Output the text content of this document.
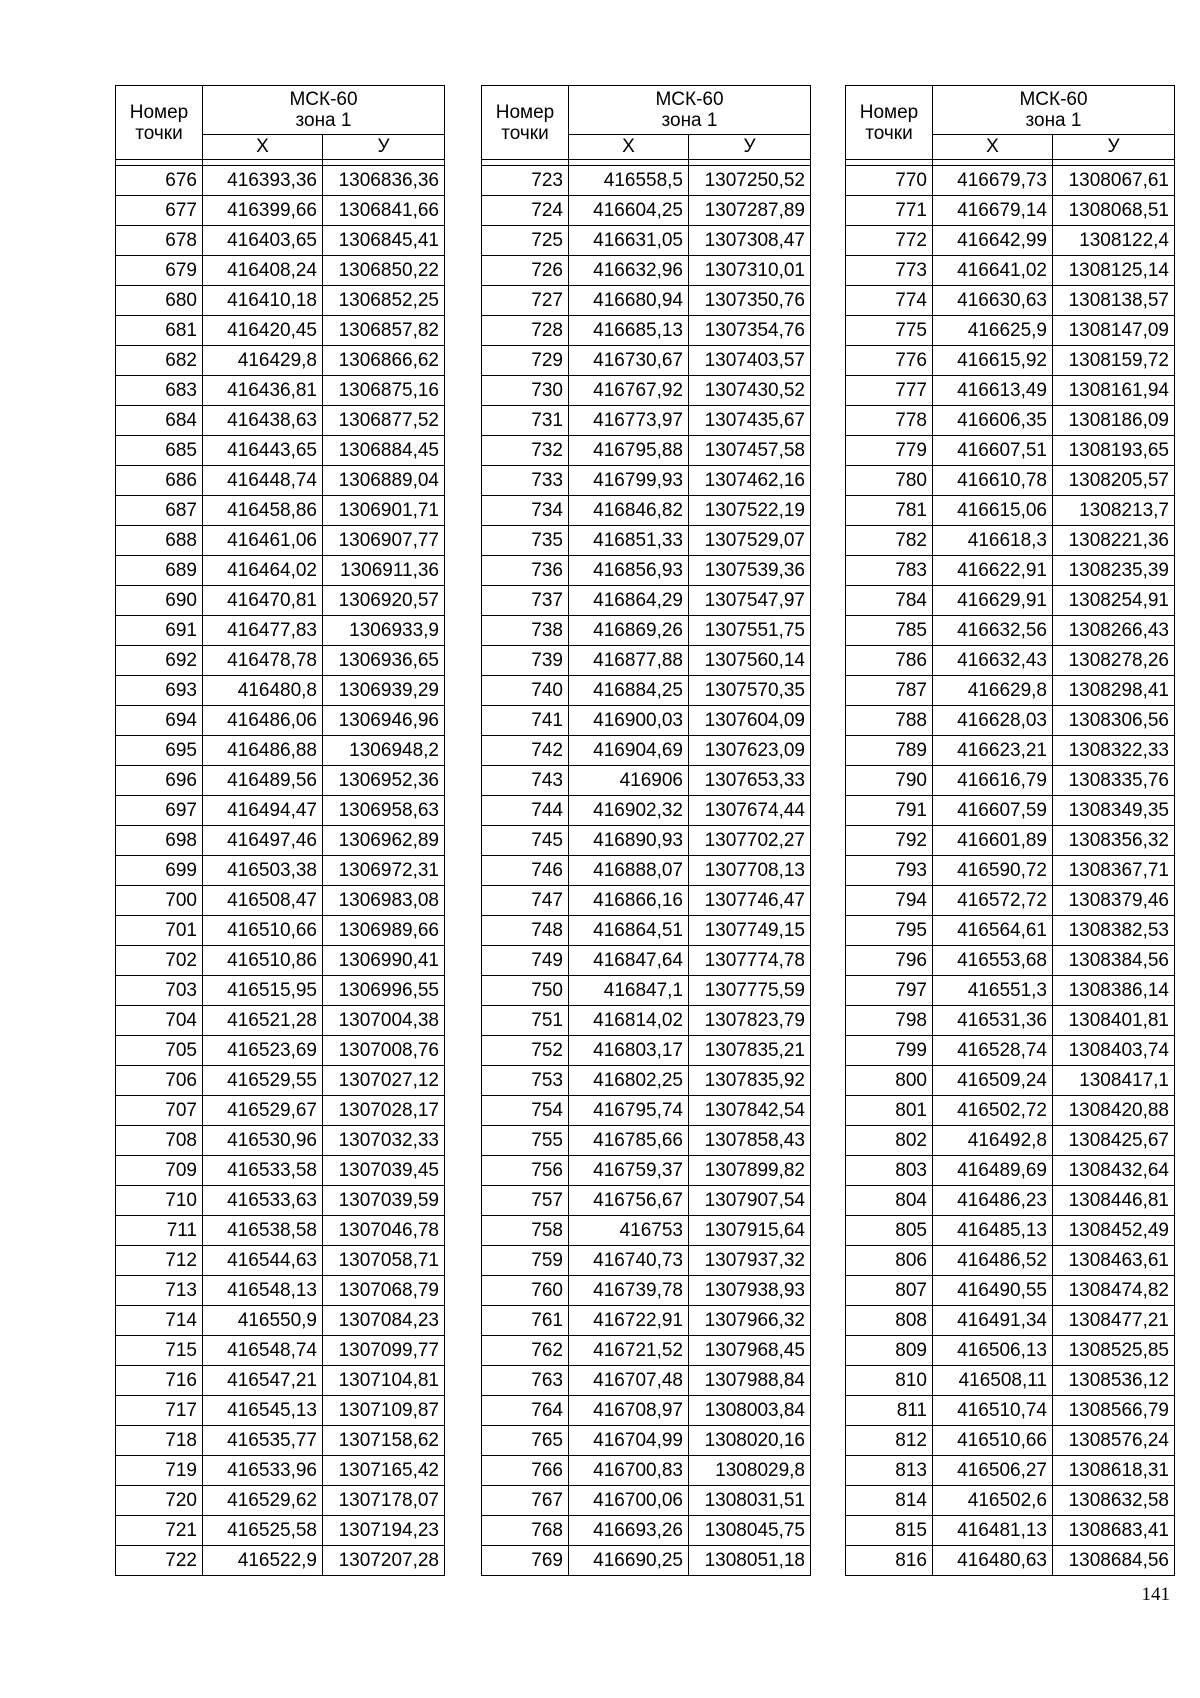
Номер точки	МСК-60
зона 1	
	Х	У

676	416393,36	1306836,36
677	416399,66	1306841,66
678	416403,65	1306845,41
679	416408,24	1306850,22
680	416410,18	1306852,25
681	416420,45	1306857,82
682	416429,8	1306866,62
683	416436,81	1306875,16
684	416438,63	1306877,52
685	416443,65	1306884,45
686	416448,74	1306889,04
687	416458,86	1306901,71
688	416461,06	1306907,77
689	416464,02	1306911,36
690	416470,81	1306920,57
691	416477,83	1306933,9
692	416478,78	1306936,65
693	416480,8	1306939,29
694	416486,06	1306946,96
695	416486,88	1306948,2
696	416489,56	1306952,36
697	416494,47	1306958,63
698	416497,46	1306962,89
699	416503,38	1306972,31
700	416508,47	1306983,08
701	416510,66	1306989,66
702	416510,86	1306990,41
703	416515,95	1306996,55
704	416521,28	1307004,38
705	416523,69	1307008,76
706	416529,55	1307027,12
707	416529,67	1307028,17
708	416530,96	1307032,33
709	416533,58	1307039,45
710	416533,63	1307039,59
711	416538,58	1307046,78
712	416544,63	1307058,71
713	416548,13	1307068,79
714	416550,9	1307084,23
715	416548,74	1307099,77
716	416547,21	1307104,81
717	416545,13	1307109,87
718	416535,77	1307158,62
719	416533,96	1307165,42
720	416529,62	1307178,07
721	416525,58	1307194,23
722	416522,9	1307207,28
Номер точки	МСК-60
зона 1	
	Х	У

723	416558,5	1307250,52
724	416604,25	1307287,89
725	416631,05	1307308,47
726	416632,96	1307310,01
727	416680,94	1307350,76
728	416685,13	1307354,76
729	416730,67	1307403,57
730	416767,92	1307430,52
731	416773,97	1307435,67
732	416795,88	1307457,58
733	416799,93	1307462,16
734	416846,82	1307522,19
735	416851,33	1307529,07
736	416856,93	1307539,36
737	416864,29	1307547,97
738	416869,26	1307551,75
739	416877,88	1307560,14
740	416884,25	1307570,35
741	416900,03	1307604,09
742	416904,69	1307623,09
743	416906	1307653,33
744	416902,32	1307674,44
745	416890,93	1307702,27
746	416888,07	1307708,13
747	416866,16	1307746,47
748	416864,51	1307749,15
749	416847,64	1307774,78
750	416847,1	1307775,59
751	416814,02	1307823,79
752	416803,17	1307835,21
753	416802,25	1307835,92
754	416795,74	1307842,54
755	416785,66	1307858,43
756	416759,37	1307899,82
757	416756,67	1307907,54
758	416753	1307915,64
759	416740,73	1307937,32
760	416739,78	1307938,93
761	416722,91	1307966,32
762	416721,52	1307968,45
763	416707,48	1307988,84
764	416708,97	1308003,84
765	416704,99	1308020,16
766	416700,83	1308029,8
767	416700,06	1308031,51
768	416693,26	1308045,75
769	416690,25	1308051,18
Номер точки	МСК-60
зона 1	
	Х	У

770	416679,73	1308067,61
771	416679,14	1308068,51
772	416642,99	1308122,4
773	416641,02	1308125,14
774	416630,63	1308138,57
775	416625,9	1308147,09
776	416615,92	1308159,72
777	416613,49	1308161,94
778	416606,35	1308186,09
779	416607,51	1308193,65
780	416610,78	1308205,57
781	416615,06	1308213,7
782	416618,3	1308221,36
783	416622,91	1308235,39
784	416629,91	1308254,91
785	416632,56	1308266,43
786	416632,43	1308278,26
787	416629,8	1308298,41
788	416628,03	1308306,56
789	416623,21	1308322,33
790	416616,79	1308335,76
791	416607,59	1308349,35
792	416601,89	1308356,32
793	416590,72	1308367,71
794	416572,72	1308379,46
795	416564,61	1308382,53
796	416553,68	1308384,56
797	416551,3	1308386,14
798	416531,36	1308401,81
799	416528,74	1308403,74
800	416509,24	1308417,1
801	416502,72	1308420,88
802	416492,8	1308425,67
803	416489,69	1308432,64
804	416486,23	1308446,81
805	416485,13	1308452,49
806	416486,52	1308463,61
807	416490,55	1308474,82
808	416491,34	1308477,21
809	416506,13	1308525,85
810	416508,11	1308536,12
811	416510,74	1308566,79
812	416510,66	1308576,24
813	416506,27	1308618,31
814	416502,6	1308632,58
815	416481,13	1308683,41
816	416480,63	1308684,56
141
